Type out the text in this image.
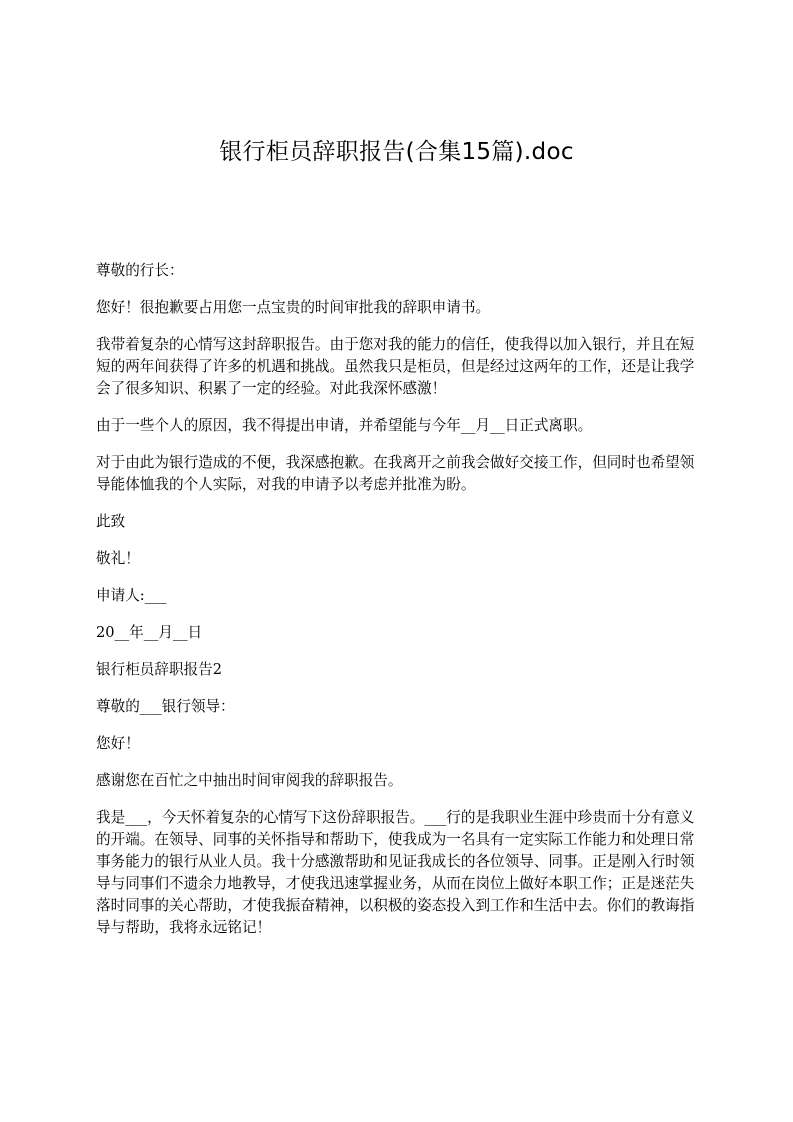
银行柜员辞职报告(合集15篇).doc

尊敬的行长：

您好！很抱歉要占用您一点宝贵的时间审批我的辞职申请书。

我带着复杂的心情写这封辞职报告。由于您对我的能力的信任，使我得以加入银行，并且在短短的两年间获得了许多的机遇和挑战。虽然我只是柜员，但是经过这两年的工作，还是让我学会了很多知识、积累了一定的经验。对此我深怀感激！

由于一些个人的原因，我不得提出申请，并希望能与今年__月__日正式离职。

对于由此为银行造成的不便，我深感抱歉。在我离开之前我会做好交接工作，但同时也希望领导能体恤我的个人实际，对我的申请予以考虑并批准为盼。

此致

敬礼！

申请人:___

20__年__月__日

银行柜员辞职报告2

尊敬的___银行领导：

您好！

感谢您在百忙之中抽出时间审阅我的辞职报告。

我是___，今天怀着复杂的心情写下这份辞职报告。___行的是我职业生涯中珍贵而十分有意义的开端。在领导、同事的关怀指导和帮助下，使我成为一名具有一定实际工作能力和处理日常事务能力的银行从业人员。我十分感激帮助和见证我成长的各位领导、同事。正是刚入行时领导与同事们不遗余力地教导，才使我迅速掌握业务，从而在岗位上做好本职工作；正是迷茫失落时同事的关心帮助，才使我振奋精神，以积极的姿态投入到工作和生活中去。你们的教诲指导与帮助，我将永远铭记！
